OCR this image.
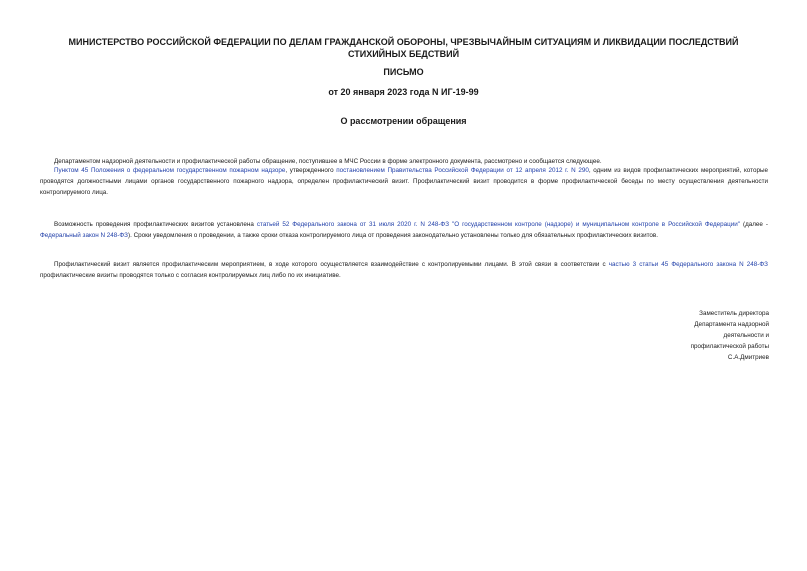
МИНИСТЕРСТВО РОССИЙСКОЙ ФЕДЕРАЦИИ ПО ДЕЛАМ ГРАЖДАНСКОЙ ОБОРОНЫ, ЧРЕЗВЫЧАЙНЫМ СИТУАЦИЯМ И ЛИКВИДАЦИИ ПОСЛЕДСТВИЙ СТИХИЙНЫХ БЕДСТВИЙ
ПИСЬМО
от 20 января 2023 года N ИГ-19-99
О рассмотрении обращения

Департаментом надзорной деятельности и профилактической работы обращение, поступившее в МЧС России в форме электронного документа, рассмотрено и сообщается следующее.

Пунктом 45 Положения о федеральном государственном пожарном надзоре, утвержденного постановлением Правительства Российской Федерации от 12 апреля 2012 г. N 290, одним из видов профилактических мероприятий, которые проводятся должностными лицами органов государственного пожарного надзора, определен профилактический визит. Профилактический визит проводится в форме профилактической беседы по месту осуществления деятельности контролируемого лица.

Возможность проведения профилактических визитов установлена статьей 52 Федерального закона от 31 июля 2020 г. N 248-ФЗ "О государственном контроле (надзоре) и муниципальном контроле в Российской Федерации" (далее - Федеральный закон N 248-ФЗ). Сроки уведомления о проведении, а также сроки отказа контролируемого лица от проведения законодательно установлены только для обязательных профилактических визитов.

Профилактический визит является профилактическим мероприятием, в ходе которого осуществляется взаимодействие с контролируемыми лицами. В этой связи в соответствии с частью 3 статьи 45 Федерального закона N 248-ФЗ профилактические визиты проводятся только с согласия контролируемых лиц либо по их инициативе.

Заместитель директора
Департамента надзорной
деятельности и
профилактической работы
С.А.Дмитриев
